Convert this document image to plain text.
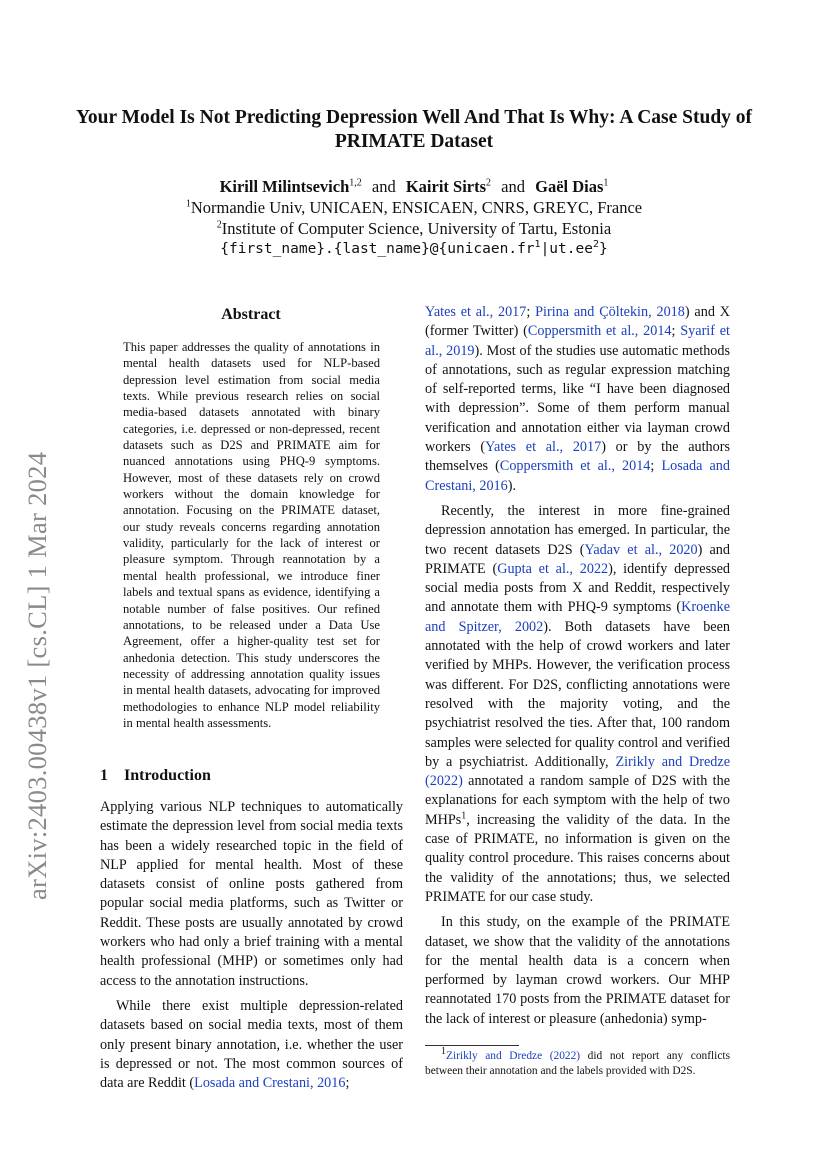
arXiv:2403.00438v1 [cs.CL] 1 Mar 2024
Your Model Is Not Predicting Depression Well And That Is Why: A Case Study of PRIMATE Dataset
Kirill Milintsevich$^{1,2}$ and Kairit Sirts$^2$ and Gaël Dias$^1$
$^1$Normandie Univ, UNICAEN, ENSICAEN, CNRS, GREYC, France
$^2$Institute of Computer Science, University of Tartu, Estonia
$\{first\_name\}.\{last\_name\}@\{unicaen.fr^1|ut.ee^2\}$
Abstract
This paper addresses the quality of annotations in mental health datasets used for NLP-based depression level estimation from social media texts. While previous research relies on social media-based datasets annotated with binary categories, i.e. depressed or non-depressed, recent datasets such as D2S and PRIMATE aim for nuanced annotations using PHQ-9 symptoms. However, most of these datasets rely on crowd workers without the domain knowledge for annotation. Focusing on the PRIMATE dataset, our study reveals concerns regarding annotation validity, particularly for the lack of interest or pleasure symptom. Through reannotation by a mental health professional, we introduce finer labels and textual spans as evidence, identifying a notable number of false positives. Our refined annotations, to be released under a Data Use Agreement, offer a higher-quality test set for anhedonia detection. This study underscores the necessity of addressing annotation quality issues in mental health datasets, advocating for improved methodologies to enhance NLP model reliability in mental health assessments.
1 Introduction

Applying various NLP techniques to automatically estimate the depression level from social media texts has been a widely researched topic in the field of NLP applied for mental health. Most of these datasets consist of online posts gathered from popular social media platforms, such as Twitter or Reddit. These posts are usually annotated by crowd workers who had only a brief training with a mental health professional (MHP) or sometimes only had access to the annotation instructions.

While there exist multiple depression-related datasets based on social media texts, most of them only present binary annotation, i.e. whether the user is depressed or not. The most common sources of data are Reddit (Losada and Crestani, 2016;

Yates et al., 2017; Pirina and Çöltekin, 2018) and X (former Twitter) (Coppersmith et al., 2014; Syarif et al., 2019). Most of the studies use automatic methods of annotations, such as regular expression matching of self-reported terms, like “I have been diagnosed with depression”. Some of them perform manual verification and annotation either via layman crowd workers (Yates et al., 2017) or by the authors themselves (Coppersmith et al., 2014; Losada and Crestani, 2016).

Recently, the interest in more fine-grained depression annotation has emerged. In particular, the two recent datasets D2S (Yadav et al., 2020) and PRIMATE (Gupta et al., 2022), identify depressed social media posts from X and Reddit, respectively and annotate them with PHQ-9 symptoms (Kroenke and Spitzer, 2002). Both datasets have been annotated with the help of crowd workers and later verified by MHPs. However, the verification process was different. For D2S, conflicting annotations were resolved with the majority voting, and the psychiatrist resolved the ties. After that, 100 random samples were selected for quality control and verified by a psychiatrist. Additionally, Zirikly and Dredze (2022) annotated a random sample of D2S with the explanations for each symptom with the help of two MHPs$^1$, increasing the validity of the data. In the case of PRIMATE, no information is given on the quality control procedure. This raises concerns about the validity of the annotations; thus, we selected PRIMATE for our case study.

In this study, on the example of the PRIMATE dataset, we show that the validity of the annotations for the mental health data is a concern when performed by layman crowd workers. Our MHP reannotated 170 posts from the PRIMATE dataset for the lack of interest or pleasure (anhedonia) symp-

$^1$Zirikly and Dredze (2022) did not report any conflicts between their annotation and the labels provided with D2S.
